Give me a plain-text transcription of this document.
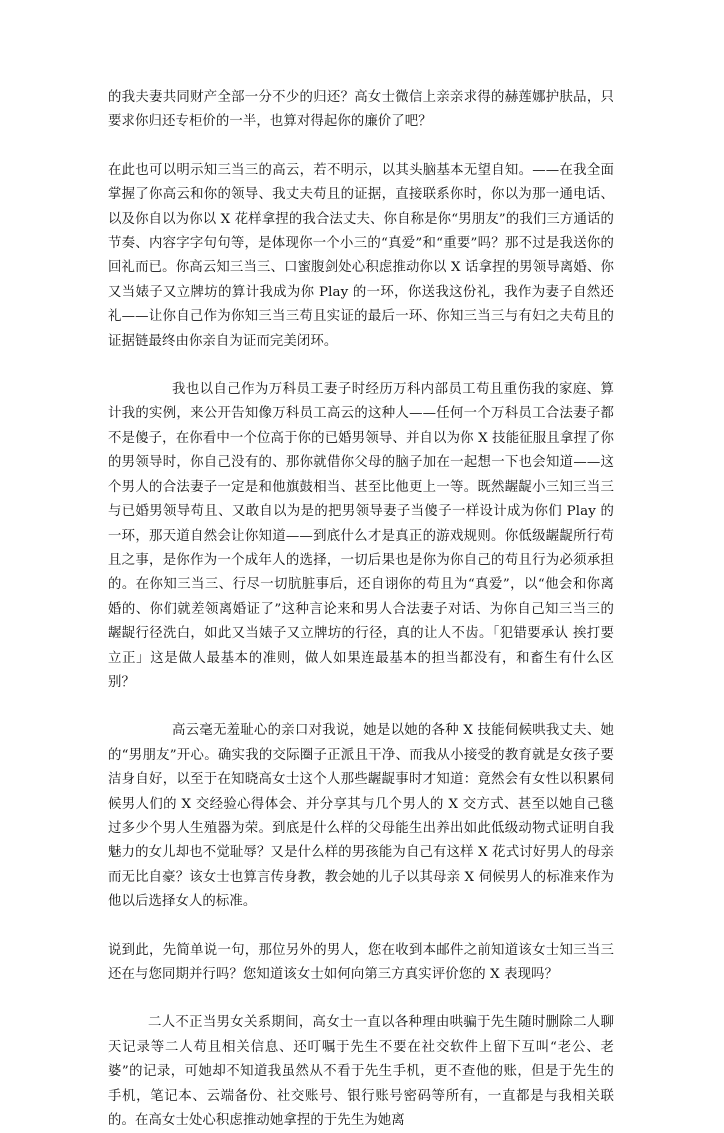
的我夫妻共同财产全部一分不少的归还？高女士微信上亲亲求得的赫莲娜护肤品，只要求你归还专柜价的一半，也算对得起你的廉价了吧？

在此也可以明示知三当三的高云，若不明示，以其头脑基本无望自知。——在我全面掌握了你高云和你的领导、我丈夫苟且的证据，直接联系你时，你以为那一通电话、以及你自以为你以 X 花样拿捏的我合法丈夫、你自称是你“男朋友”的我们三方通话的节奏、内容字字句句等，是体现你一个小三的“真爱”和“重要”吗？那不过是我送你的回礼而已。你高云知三当三、口蜜腹剑处心积虑推动你以 X 话拿捏的男领导离婚、你又当婊子又立牌坊的算计我成为你 Play 的一环，你送我这份礼，我作为妻子自然还礼——让你自己作为你知三当三苟且实证的最后一环、你知三当三与有妇之夫苟且的证据链最终由你亲自为证而完美闭环。

我也以自己作为万科员工妻子时经历万科内部员工苟且重伤我的家庭、算计我的实例，来公开告知像万科员工高云的这种人——任何一个万科员工合法妻子都不是傻子，在你看中一个位高于你的已婚男领导、并自以为你 X 技能征服且拿捏了你的男领导时，你自己没有的、那你就借你父母的脑子加在一起想一下也会知道——这个男人的合法妻子一定是和他旗鼓相当、甚至比他更上一等。既然龌龊小三知三当三与已婚男领导苟且、又敢自以为是的把男领导妻子当傻子一样设计成为你们 Play 的一环，那天道自然会让你知道——到底什么才是真正的游戏规则。你低级龌龊所行苟且之事，是你作为一个成年人的选择，一切后果也是你为你自己的苟且行为必须承担的。在你知三当三、行尽一切肮脏事后，还自诩你的苟且为“真爱”，以“他会和你离婚的、你们就差领离婚证了”这种言论来和男人合法妻子对话、为你自己知三当三的龌龊行径洗白，如此又当婊子又立牌坊的行径，真的让人不齿。「犯错要承认 挨打要立正」这是做人最基本的准则，做人如果连最基本的担当都没有，和畜生有什么区别？

高云毫无羞耻心的亲口对我说，她是以她的各种 X 技能伺候哄我丈夫、她的“男朋友”开心。确实我的交际圈子正派且干净、而我从小接受的教育就是女孩子要洁身自好，以至于在知晓高女士这个人那些龌龊事时才知道：竟然会有女性以积累伺候男人们的 X 交经验心得体会、并分享其与几个男人的 X 交方式、甚至以她自己毯过多少个男人生殖器为荣。到底是什么样的父母能生出养出如此低级动物式证明自我魅力的女儿却也不觉耻辱？又是什么样的男孩能为自己有这样 X 花式讨好男人的母亲而无比自豪？该女士也算言传身教，教会她的儿子以其母亲 X 伺候男人的标准来作为他以后选择女人的标准。

说到此，先简单说一句，那位另外的男人，您在收到本邮件之前知道该女士知三当三还在与您同期并行吗？您知道该女士如何向第三方真实评价您的 X 表现吗？

二人不正当男女关系期间，高女士一直以各种理由哄骗于先生随时删除二人聊天记录等二人苟且相关信息、还叮嘱于先生不要在社交软件上留下互叫“老公、老婆”的记录，可她却不知道我虽然从不看于先生手机，更不查他的账，但是于先生的手机，笔记本、云端备份、社交账号、银行账号密码等所有，一直都是与我相关联的。在高女士处心积虑推动她拿捏的于先生为她离
